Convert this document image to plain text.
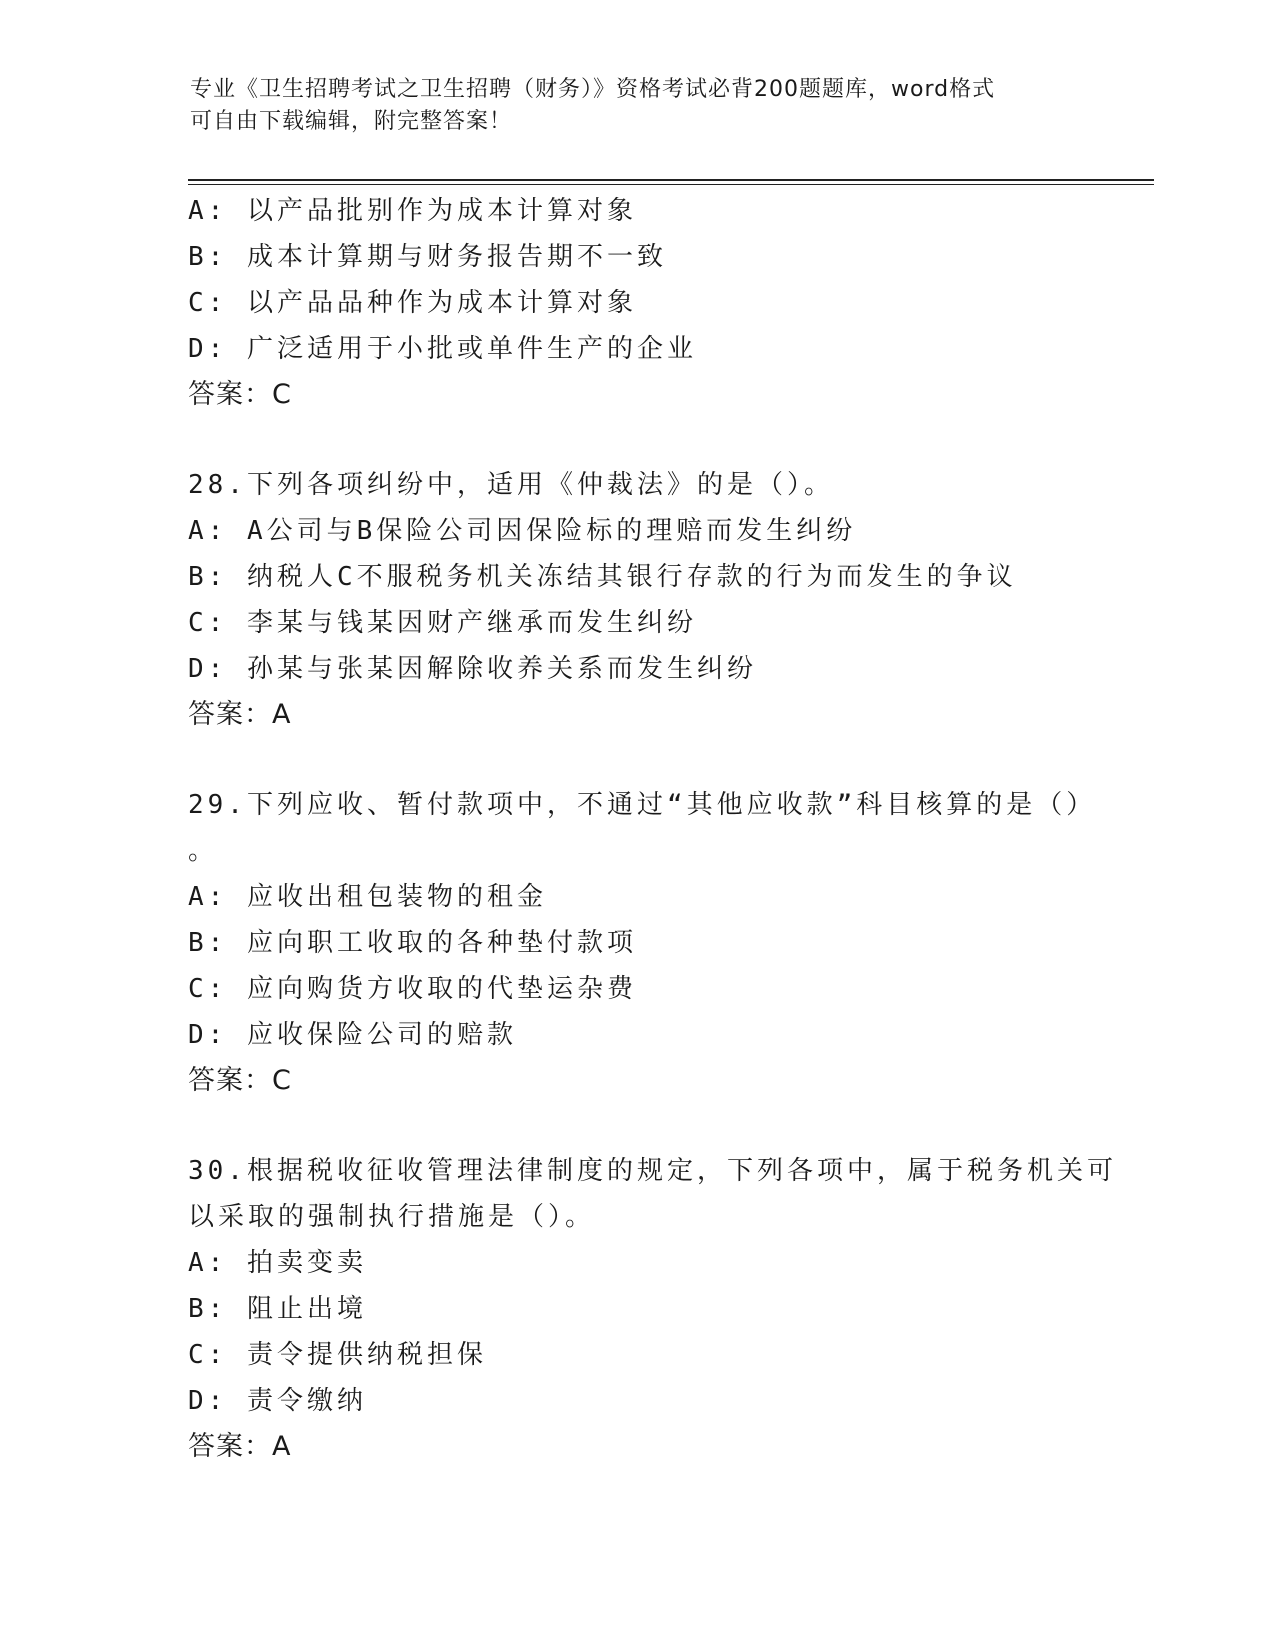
专业《卫生招聘考试之卫生招聘（财务）》资格考试必背200题题库，word格式
可自由下载编辑，附完整答案！
A: 以产品批别作为成本计算对象
B: 成本计算期与财务报告期不一致
C: 以产品品种作为成本计算对象
D: 广泛适用于小批或单件生产的企业
答案：C
28.下列各项纠纷中，适用《仲裁法》的是（）。
A: A公司与B保险公司因保险标的理赔而发生纠纷
B: 纳税人C不服税务机关冻结其银行存款的行为而发生的争议
C: 李某与钱某因财产继承而发生纠纷
D: 孙某与张某因解除收养关系而发生纠纷
答案：A
29.下列应收、暂付款项中，不通过“其他应收款”科目核算的是（）
。
A: 应收出租包装物的租金
B: 应向职工收取的各种垫付款项
C: 应向购货方收取的代垫运杂费
D: 应收保险公司的赔款
答案：C
30.根据税收征收管理法律制度的规定，下列各项中，属于税务机关可
以采取的强制执行措施是（）。
A: 拍卖变卖
B: 阻止出境
C: 责令提供纳税担保
D: 责令缴纳
答案：A
